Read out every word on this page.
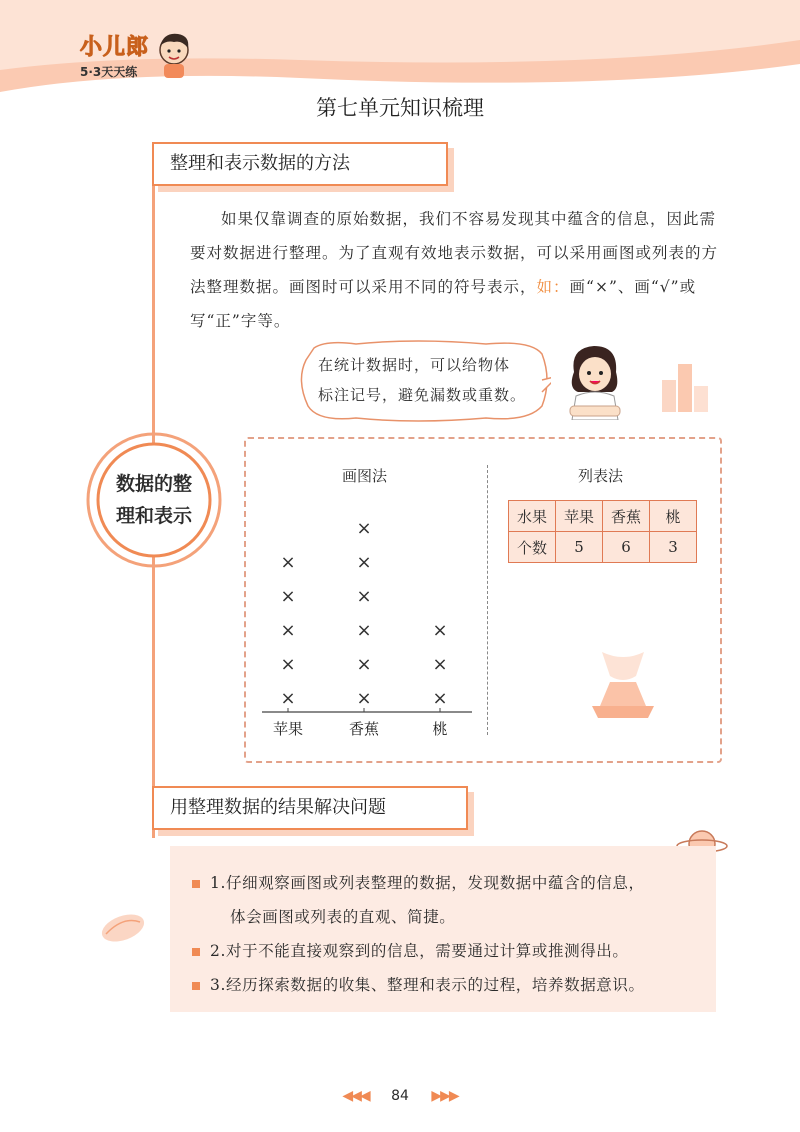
小儿郎
5·3天天练
第七单元知识梳理
整理和表示数据的方法
如果仅靠调查的原始数据，我们不容易发现其中蕴含的信息，因此需要对数据进行整理。为了直观有效地表示数据，可以采用画图或列表的方法整理数据。画图时可以采用不同的符号表示，如：画“×”、画“√”或写“正”字等。
在统计数据时，可以给物体
标注记号，避免漏数或重数。
数据的整
理和表示
画图法	列表法
×
×
×
×
×
苹果
×
×
×
×
×
×
香蕉
×
×
×
桃
水果	苹果	香蕉	桃
个数	5	6	3
用整理数据的结果解决问题
1.仔细观察画图或列表整理的数据，发现数据中蕴含的信息，
体会画图或列表的直观、简捷。
2.对于不能直接观察到的信息，需要通过计算或推测得出。
3.经历探索数据的收集、整理和表示的过程，培养数据意识。
◀◀◀ 84 ▶▶▶
